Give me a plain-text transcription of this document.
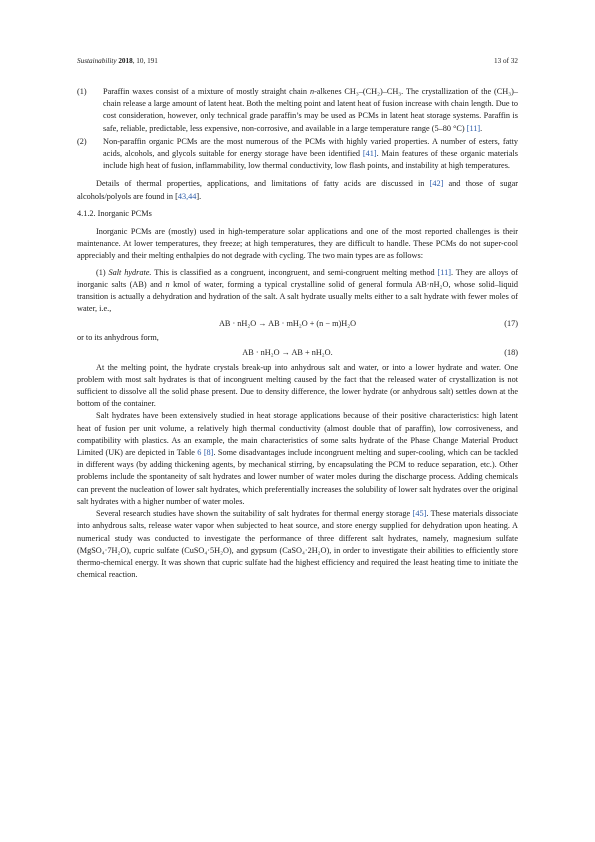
Sustainability 2018, 10, 191	13 of 32
(1)	Paraffin waxes consist of a mixture of mostly straight chain n-alkenes CH₃–(CH₂)–CH₃. The crystallization of the (CH₃)– chain release a large amount of latent heat. Both the melting point and latent heat of fusion increase with chain length. Due to cost consideration, however, only technical grade paraffin’s may be used as PCMs in latent heat storage systems. Paraffin is safe, reliable, predictable, less expensive, non-corrosive, and available in a large temperature range (5–80 °C) [11].
(2)	Non-paraffin organic PCMs are the most numerous of the PCMs with highly varied properties. A number of esters, fatty acids, alcohols, and glycols suitable for energy storage have been identified [41]. Main features of these organic materials include high heat of fusion, inflammability, low thermal conductivity, low flash points, and instability at high temperatures.

Details of thermal properties, applications, and limitations of fatty acids are discussed in [42] and those of sugar alcohols/polyols are found in [43,44].

4.1.2. Inorganic PCMs

Inorganic PCMs are (mostly) used in high-temperature solar applications and one of the most reported challenges is their maintenance. At lower temperatures, they freeze; at high temperatures, they are difficult to handle. These PCMs do not super-cool appreciably and their melting enthalpies do not degrade with cycling. The two main types are as follows:

(1) Salt hydrate. This is classified as a congruent, incongruent, and semi-congruent melting method [11]. They are alloys of inorganic salts (AB) and n kmol of water, forming a typical crystalline solid of general formula AB·nH₂O, whose solid–liquid transition is actually a dehydration and hydration of the salt. A salt hydrate usually melts either to a salt hydrate with fewer moles of water, i.e.,

AB · nH₂O → AB · mH₂O + (n − m)H₂O	(17)

or to its anhydrous form,

AB · nH₂O → AB + nH₂O.	(18)

At the melting point, the hydrate crystals break-up into anhydrous salt and water, or into a lower hydrate and water. One problem with most salt hydrates is that of incongruent melting caused by the fact that the released water of crystallization is not sufficient to dissolve all the solid phase present. Due to density difference, the lower hydrate (or anhydrous salt) settles down at the bottom of the container.

Salt hydrates have been extensively studied in heat storage applications because of their positive characteristics: high latent heat of fusion per unit volume, a relatively high thermal conductivity (almost double that of paraffin), low corrosiveness, and compatibility with plastics. As an example, the main characteristics of some salts hydrate of the Phase Change Material Product Limited (UK) are depicted in Table 6 [8]. Some disadvantages include incongruent melting and super-cooling, which can be tackled in different ways (by adding thickening agents, by mechanical stirring, by encapsulating the PCM to reduce separation, etc.). Other problems include the spontaneity of salt hydrates and lower number of water moles during the discharge process. Adding chemicals can prevent the nucleation of lower salt hydrates, which preferentially increases the solubility of lower salt hydrates over the original salt hydrates with a higher number of water moles.

Several research studies have shown the suitability of salt hydrates for thermal energy storage [45]. These materials dissociate into anhydrous salts, release water vapor when subjected to heat source, and store energy supplied for dehydration upon heating. A numerical study was conducted to investigate the performance of three different salt hydrates, namely, magnesium sulfate (MgSO₄·7H₂O), cupric sulfate (CuSO₄·5H₂O), and gypsum (CaSO₄·2H₂O), in order to investigate their abilities to efficiently store thermo-chemical energy. It was shown that cupric sulfate had the highest efficiency and required the least heating time to initiate the chemical reaction.
